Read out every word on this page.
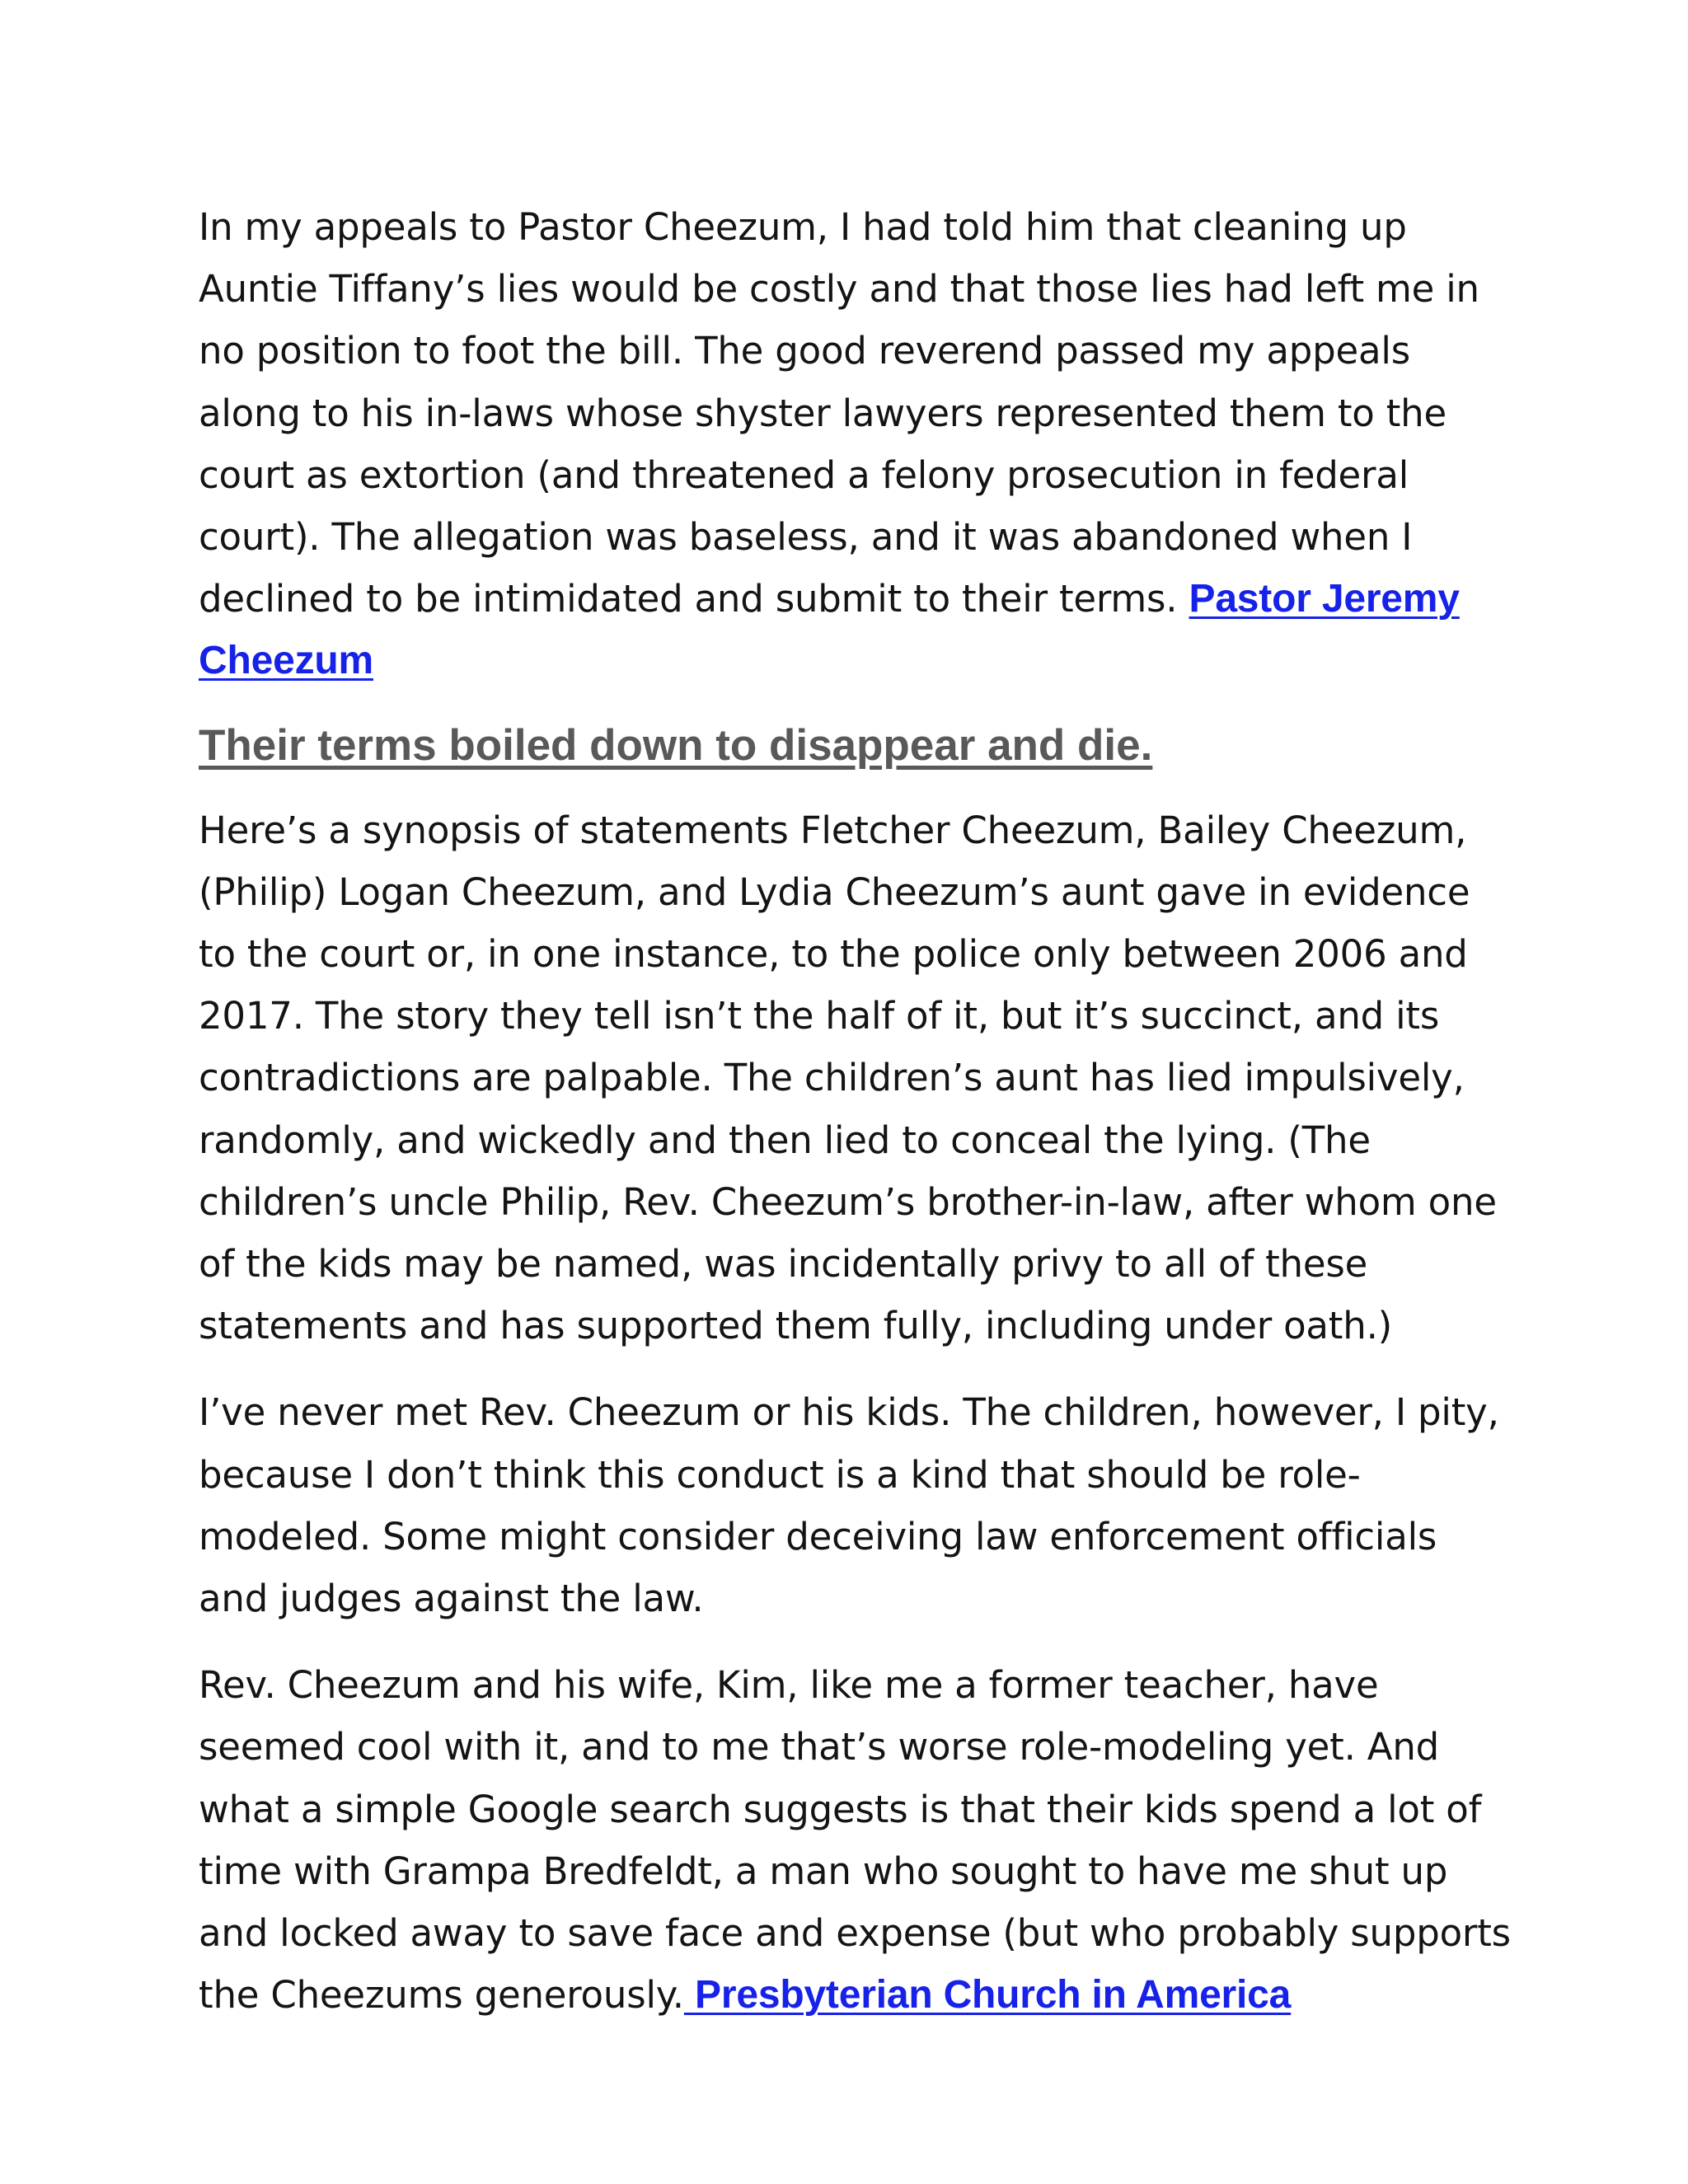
In my appeals to Pastor Cheezum, I had told him that cleaning up Auntie Tiffany’s lies would be costly and that those lies had left me in no position to foot the bill. The good reverend passed my appeals along to his in-laws whose shyster lawyers represented them to the court as extortion (and threatened a felony prosecution in federal court). The allegation was baseless, and it was abandoned when I declined to be intimidated and submit to their terms. Pastor Jeremy Cheezum

Their terms boiled down to disappear and die.

Here’s a synopsis of statements Fletcher Cheezum, Bailey Cheezum, (Philip) Logan Cheezum, and Lydia Cheezum’s aunt gave in evidence to the court or, in one instance, to the police only between 2006 and 2017. The story they tell isn’t the half of it, but it’s succinct, and its contradictions are palpable. The children’s aunt has lied impulsively, randomly, and wickedly and then lied to conceal the lying. (The children’s uncle Philip, Rev. Cheezum’s brother-in-law, after whom one of the kids may be named, was incidentally privy to all of these statements and has supported them fully, including under oath.)

I’ve never met Rev. Cheezum or his kids. The children, however, I pity, because I don’t think this conduct is a kind that should be role-modeled. Some might consider deceiving law enforcement officials and judges against the law.

Rev. Cheezum and his wife, Kim, like me a former teacher, have seemed cool with it, and to me that’s worse role-modeling yet. And what a simple Google search suggests is that their kids spend a lot of time with Grampa Bredfeldt, a man who sought to have me shut up and locked away to save face and expense (but who probably supports the Cheezums generously. Presbyterian Church in America
